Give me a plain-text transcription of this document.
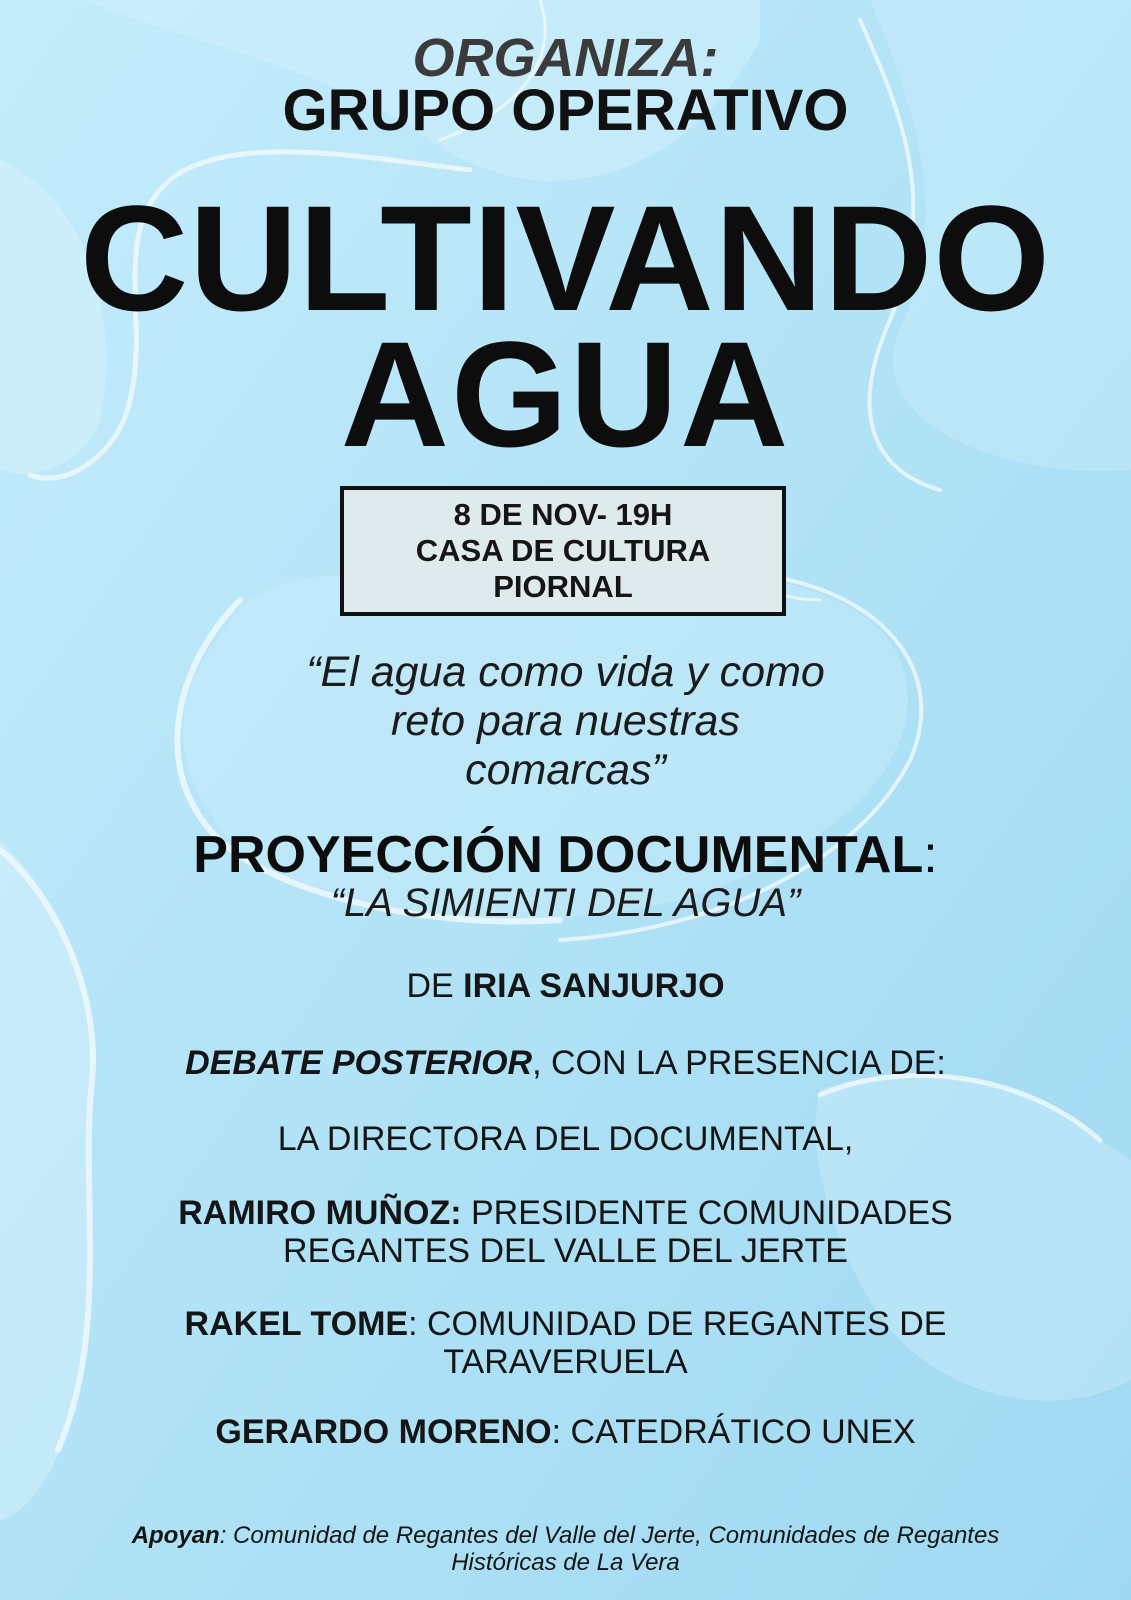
ORGANIZA:
GRUPO OPERATIVO
CULTIVANDO
AGUA
8 DE NOV- 19H
CASA DE CULTURA
PIORNAL
“El agua como vida y como
reto para nuestras
comarcas”
PROYECCIÓN DOCUMENTAL:
“LA SIMIENTI DEL AGUA”
DE IRIA SANJURJO
DEBATE POSTERIOR, CON LA PRESENCIA DE:
LA DIRECTORA DEL DOCUMENTAL,
RAMIRO MUÑOZ: PRESIDENTE COMUNIDADES
REGANTES DEL VALLE DEL JERTE
RAKEL TOME: COMUNIDAD DE REGANTES DE
TARAVERUELA
GERARDO MORENO: CATEDRÁTICO UNEX
Apoyan: Comunidad de Regantes del Valle del Jerte, Comunidades de Regantes
Históricas de La Vera
